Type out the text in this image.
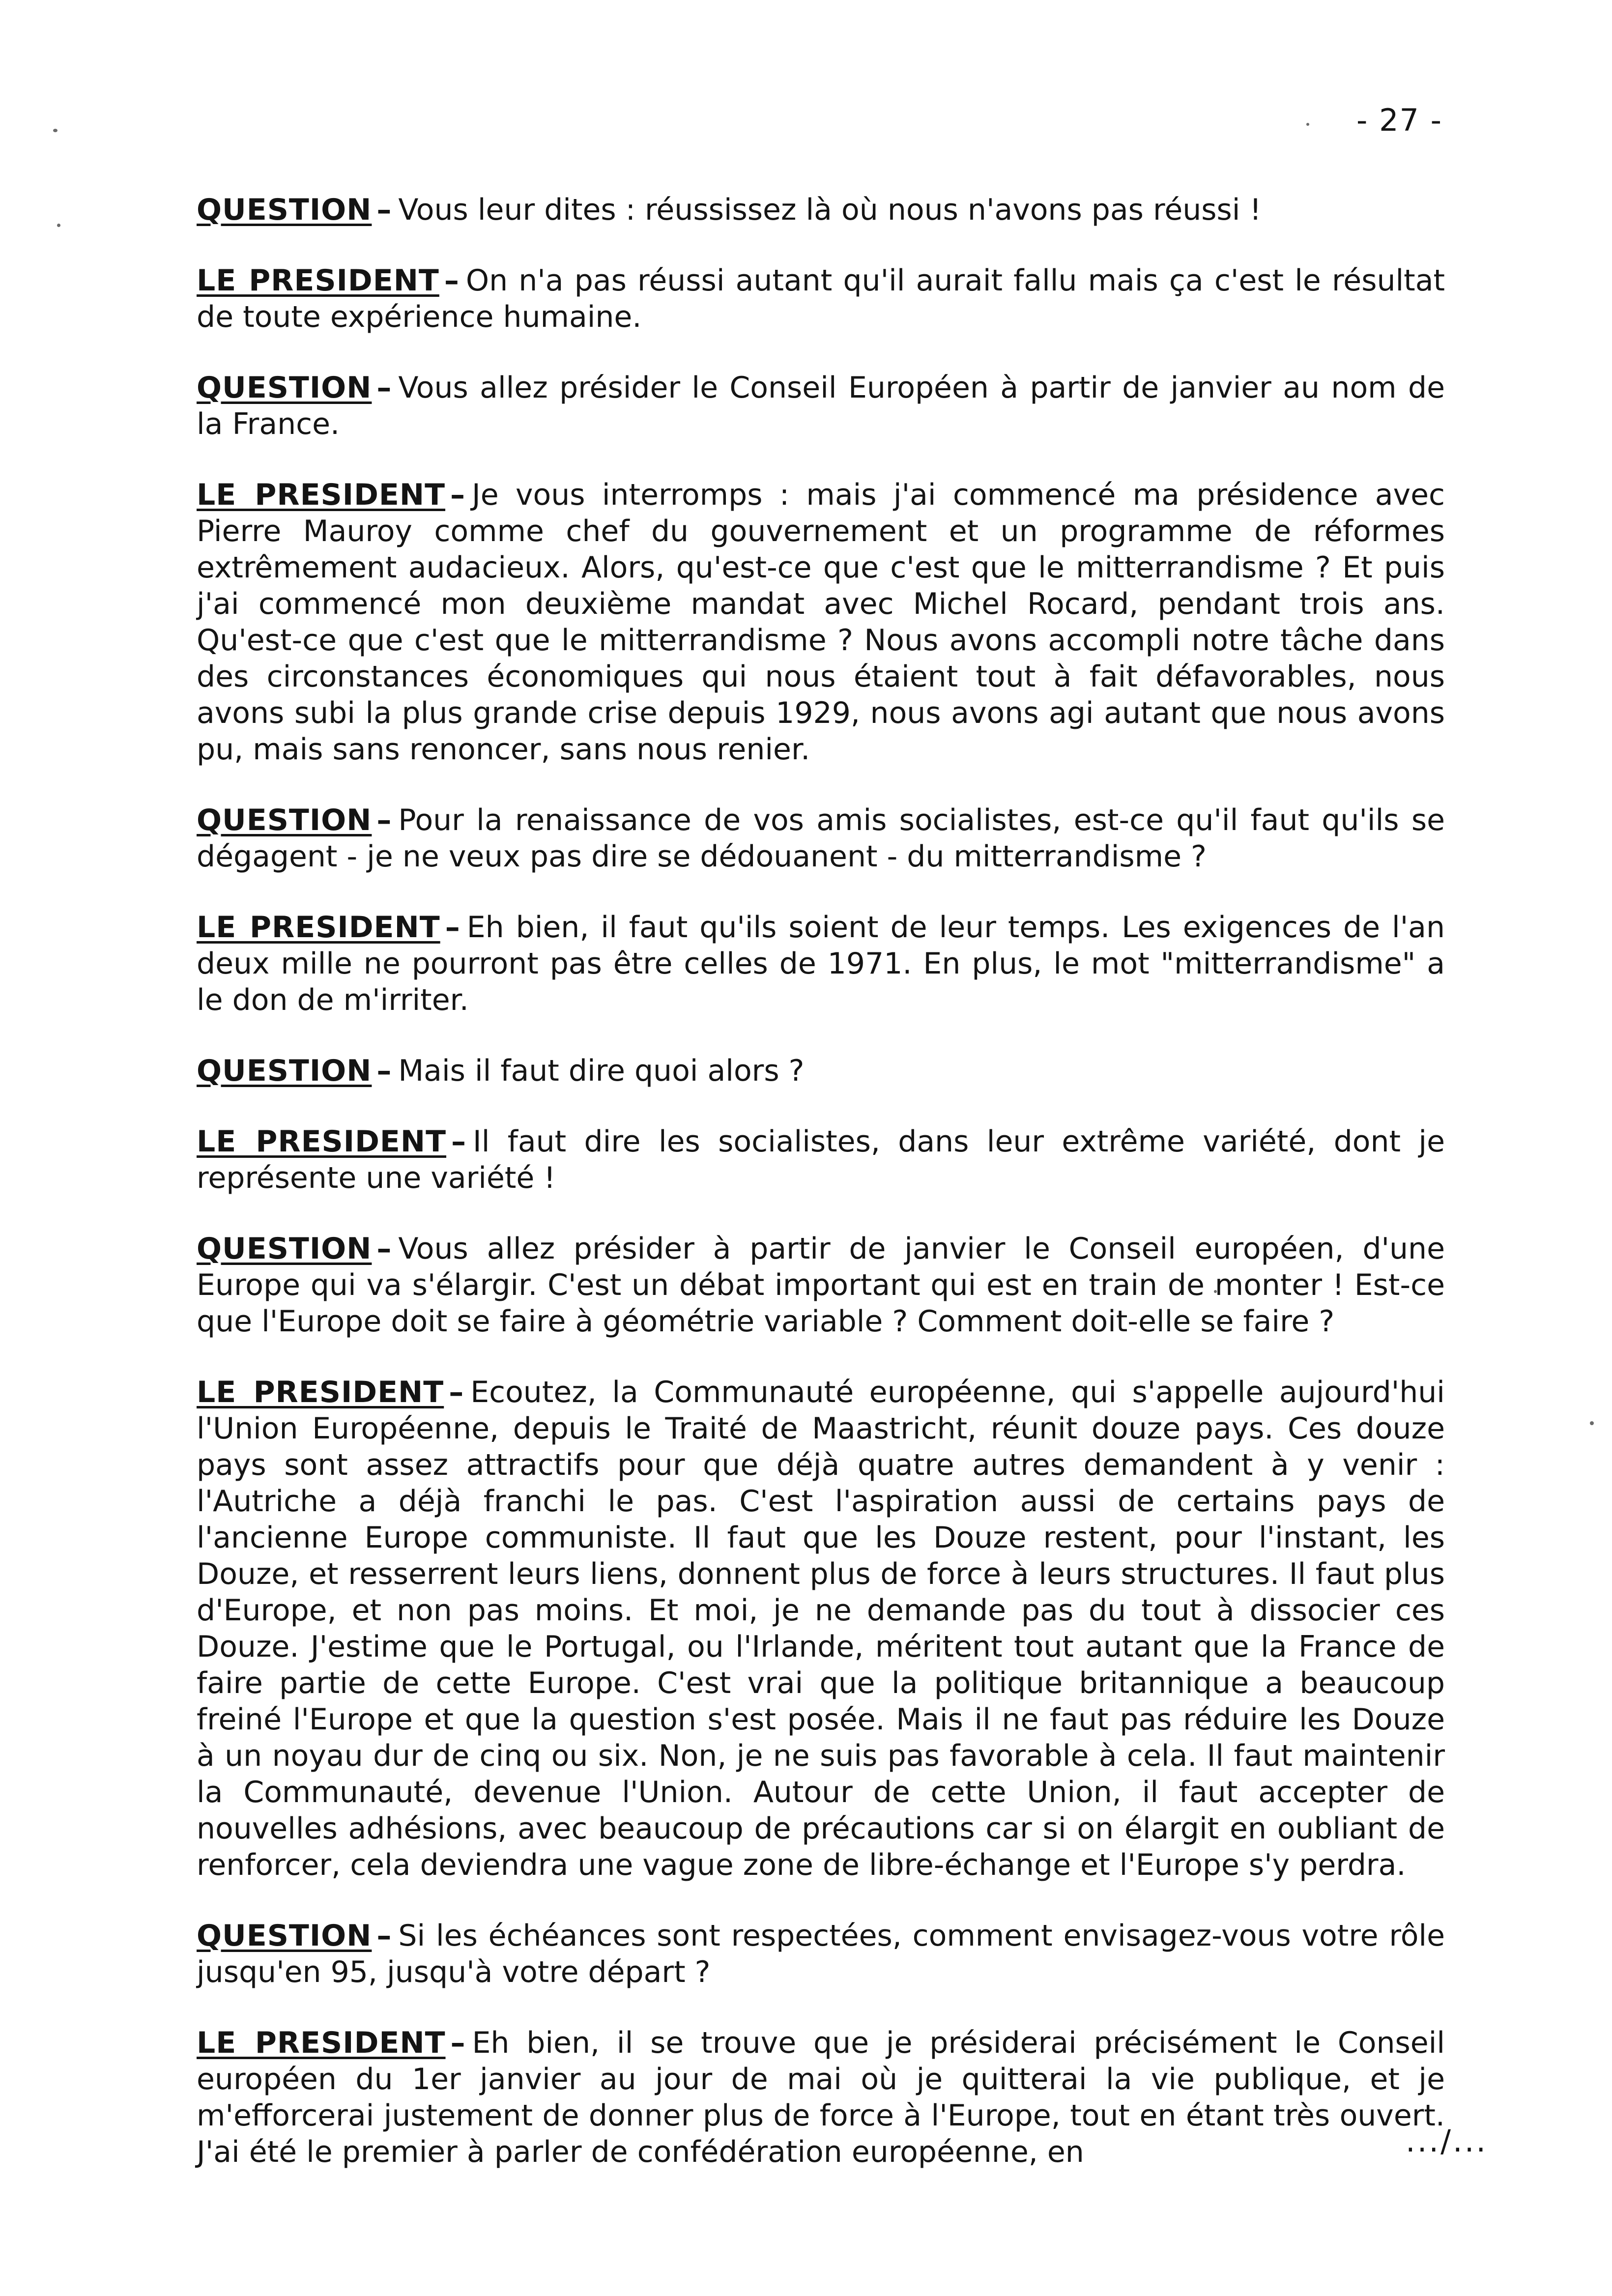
- 27 -

QUESTION – Vous leur dites : réussissez là où nous n'avons pas réussi !

LE PRESIDENT – On n'a pas réussi autant qu'il aurait fallu mais ça c'est le résultat de toute expérience humaine.

QUESTION – Vous allez présider le Conseil Européen à partir de janvier au nom de la France.

LE PRESIDENT – Je vous interromps : mais j'ai commencé ma présidence avec Pierre Mauroy comme chef du gouvernement et un programme de réformes extrêmement audacieux. Alors, qu'est-ce que c'est que le mitterrandisme ? Et puis j'ai commencé mon deuxième mandat avec Michel Rocard, pendant trois ans. Qu'est-ce que c'est que le mitterrandisme ? Nous avons accompli notre tâche dans des circonstances économiques qui nous étaient tout à fait défavorables, nous avons subi la plus grande crise depuis 1929, nous avons agi autant que nous avons pu, mais sans renoncer, sans nous renier.

QUESTION – Pour la renaissance de vos amis socialistes, est-ce qu'il faut qu'ils se dégagent - je ne veux pas dire se dédouanent - du mitterrandisme ?

LE PRESIDENT – Eh bien, il faut qu'ils soient de leur temps. Les exigences de l'an deux mille ne pourront pas être celles de 1971. En plus, le mot "mitterrandisme" a le don de m'irriter.

QUESTION – Mais il faut dire quoi alors ?

LE PRESIDENT – Il faut dire les socialistes, dans leur extrême variété, dont je représente une variété !

QUESTION – Vous allez présider à partir de janvier le Conseil européen, d'une Europe qui va s'élargir. C'est un débat important qui est en train de monter ! Est-ce que l'Europe doit se faire à géométrie variable ? Comment doit-elle se faire ?

LE PRESIDENT – Ecoutez, la Communauté européenne, qui s'appelle aujourd'hui l'Union Européenne, depuis le Traité de Maastricht, réunit douze pays. Ces douze pays sont assez attractifs pour que déjà quatre autres demandent à y venir : l'Autriche a déjà franchi le pas. C'est l'aspiration aussi de certains pays de l'ancienne Europe communiste. Il faut que les Douze restent, pour l'instant, les Douze, et resserrent leurs liens, donnent plus de force à leurs structures. Il faut plus d'Europe, et non pas moins. Et moi, je ne demande pas du tout à dissocier ces Douze. J'estime que le Portugal, ou l'Irlande, méritent tout autant que la France de faire partie de cette Europe. C'est vrai que la politique britannique a beaucoup freiné l'Europe et que la question s'est posée. Mais il ne faut pas réduire les Douze à un noyau dur de cinq ou six. Non, je ne suis pas favorable à cela. Il faut maintenir la Communauté, devenue l'Union. Autour de cette Union, il faut accepter de nouvelles adhésions, avec beaucoup de précautions car si on élargit en oubliant de renforcer, cela deviendra une vague zone de libre-échange et l'Europe s'y perdra.

QUESTION – Si les échéances sont respectées, comment envisagez-vous votre rôle jusqu'en 95, jusqu'à votre départ ?

LE PRESIDENT – Eh bien, il se trouve que je présiderai précisément le Conseil européen du 1er janvier au jour de mai où je quitterai la vie publique, et je m'efforcerai justement de donner plus de force à l'Europe, tout en étant très ouvert. J'ai été le premier à parler de confédération européenne, en	.../...
